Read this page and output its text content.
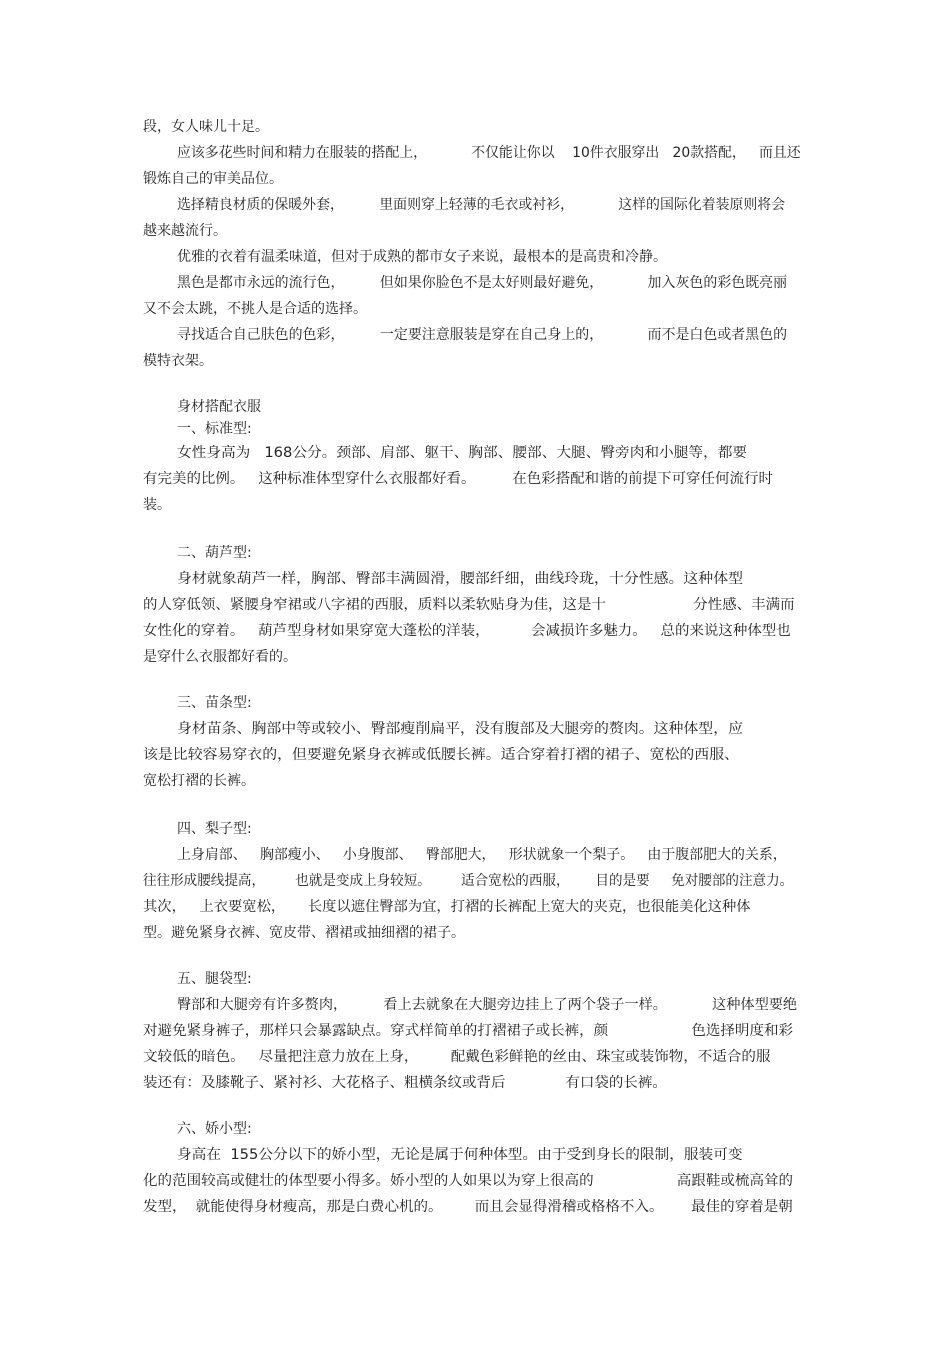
段，女人味儿十足。
应该多花些时间和精力在服装的搭配上，          不仅能让你以    10件衣服穿出   20款搭配，   而且还
锻炼自己的审美品位。
选择精良材质的保暖外套，        里面则穿上轻薄的毛衣或衬衫，          这样的国际化着装原则将会
越来越流行。
优雅的衣着有温柔味道，但对于成熟的都市女子来说，最根本的是高贵和冷静。
黑色是都市永远的流行色，        但如果你脸色不是太好则最好避免，          加入灰色的彩色既亮丽
又不会太跳，不挑人是合适的选择。
寻找适合自己肤色的色彩，        一定要注意服装是穿在自己身上的，          而不是白色或者黑色的
模特衣架。
身材搭配衣服
一、标准型:
女性身高为   168公分。颈部、肩部、躯干、胸部、腰部、大腿、臀旁肉和小腿等，都要
有完美的比例。   这种标准体型穿什么衣服都好看。        在色彩搭配和谐的前提下可穿任何流行时
装。
二、葫芦型:
身材就象葫芦一样，胸部、臀部丰满圆滑，腰部纤细，曲线玲珑，十分性感。这种体型
的人穿低领、紧腰身窄裙或八字裙的西服，质料以柔软贴身为佳，这是十                   分性感、丰满而
女性化的穿着。   葫芦型身材如果穿宽大蓬松的洋装，         会减损许多魅力。   总的来说这种体型也
是穿什么衣服都好看的。
三、苗条型:
身材苗条、胸部中等或较小、臀部瘦削扁平，没有腹部及大腿旁的赘肉。这种体型，应
该是比较容易穿衣的，但要避免紧身衣裤或低腰长裤。适合穿着打褶的裙子、宽松的西服、
宽松打褶的长裤。
四、梨子型:
上身肩部、   胸部瘦小、   小身腹部、   臀部肥大，   形状就象一个梨子。   由于腹部肥大的关系，
往往形成腰线提高，       也就是变成上身较短。       适合宽松的西服，      目的是要     免对腰部的注意力。
其次，   上衣要宽松，     长度以遮住臀部为宜，打褶的长裤配上宽大的夹克，也很能美化这种体
型。避免紧身衣裤、宽皮带、褶裙或抽细褶的裙子。
五、腿袋型:
臀部和大腿旁有许多赘肉，        看上去就象在大腿旁边挂上了两个袋子一样。          这种体型要绝
对避免紧身裤子，那样只会暴露缺点。穿式样简单的打褶裙子或长裤，颜                  色选择明度和彩
文较低的暗色。   尽量把注意力放在上身，       配戴色彩鲜艳的丝由、珠宝或装饰物，不适合的服
装还有：及膝靴子、紧衬衫、大花格子、粗横条纹或背后             有口袋的长裤。
六、娇小型:
身高在  155公分以下的娇小型，无论是属于何种体型。由于受到身长的限制，服装可变
化的范围较高或健壮的体型要小得多。娇小型的人如果以为穿上很高的                  高跟鞋或梳高耸的
发型，  就能使得身材瘦高，那是白费心机的。       而且会显得滑稽或格格不入。      最佳的穿着是朝
